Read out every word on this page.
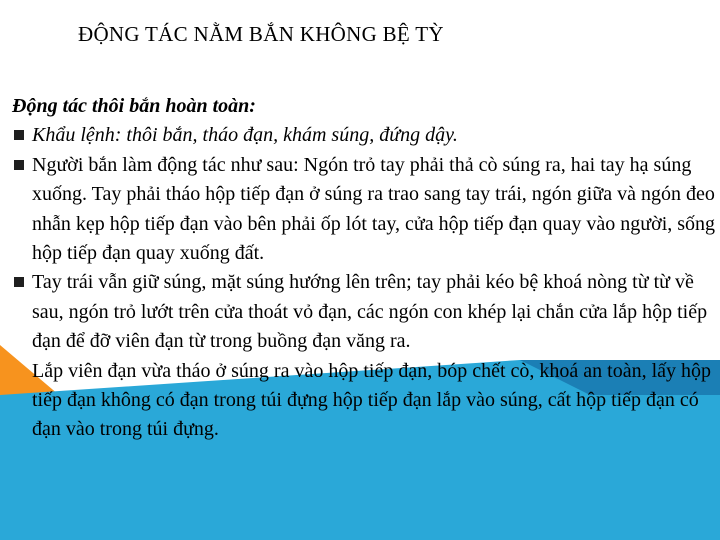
ĐỘNG TÁC NẰM BẮN KHÔNG BỆ TỲ
Động tác thôi bắn hoàn toàn:
Khẩu lệnh: thôi bắn, tháo đạn, khám súng, đứng dậy.
Người bắn làm động tác như sau: Ngón trỏ tay phải thả cò súng ra, hai tay hạ súng xuống. Tay phải tháo hộp tiếp đạn ở súng ra trao sang tay trái, ngón giữa và ngón đeo nhẫn kẹp hộp tiếp đạn vào bên phải ốp lót tay, cửa hộp tiếp đạn quay vào người, sống hộp tiếp đạn quay xuống đất.
Tay trái vẫn giữ súng, mặt súng hướng lên trên; tay phải kéo bệ khoá nòng từ từ về sau, ngón trỏ lướt trên cửa thoát vỏ đạn, các ngón con khép lại chắn cửa lắp hộp tiếp đạn để đỡ viên đạn từ trong buồng đạn văng ra.
Lắp viên đạn vừa tháo ở súng ra vào hộp tiếp đạn, bóp chết cò, khoá an toàn, lấy hộp tiếp đạn không có đạn trong túi đựng hộp tiếp đạn lắp vào súng, cất hộp tiếp đạn có đạn vào trong túi đựng.
